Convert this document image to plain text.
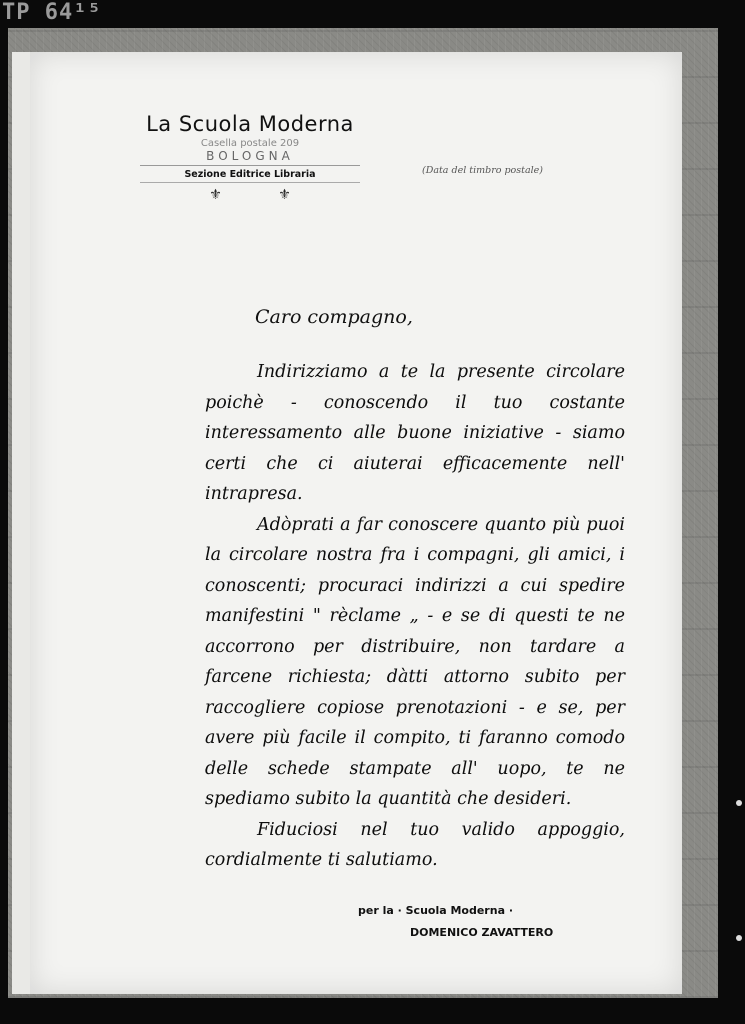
TP 64¹⁵
La Scuola Moderna
Casella postale 209
BOLOGNA
Sezione Editrice Libraria
⚜ ⚜
(Data del timbro postale)
Caro compagno,

Indirizziamo a te la presente circolare poichè - conoscendo il tuo costante interessamento alle buone iniziative - siamo certi che ci aiuterai efficacemente nell' intrapresa.

Adòprati a far conoscere quanto più puoi la circolare nostra fra i compagni, gli amici, i conoscenti; procuraci indirizzi a cui spedire manifestini " rèclame „ - e se di questi te ne accorrono per distribuire, non tardare a farcene richiesta; dàtti attorno subito per raccogliere copiose prenotazioni - e se, per avere più facile il compito, ti faranno comodo delle schede stampate all' uopo, te ne spediamo subito la quantità che desideri.

Fiduciosi nel tuo valido appoggio, cordialmente ti salutiamo.

per la · Scuola Moderna ·
DOMENICO ZAVATTERO
